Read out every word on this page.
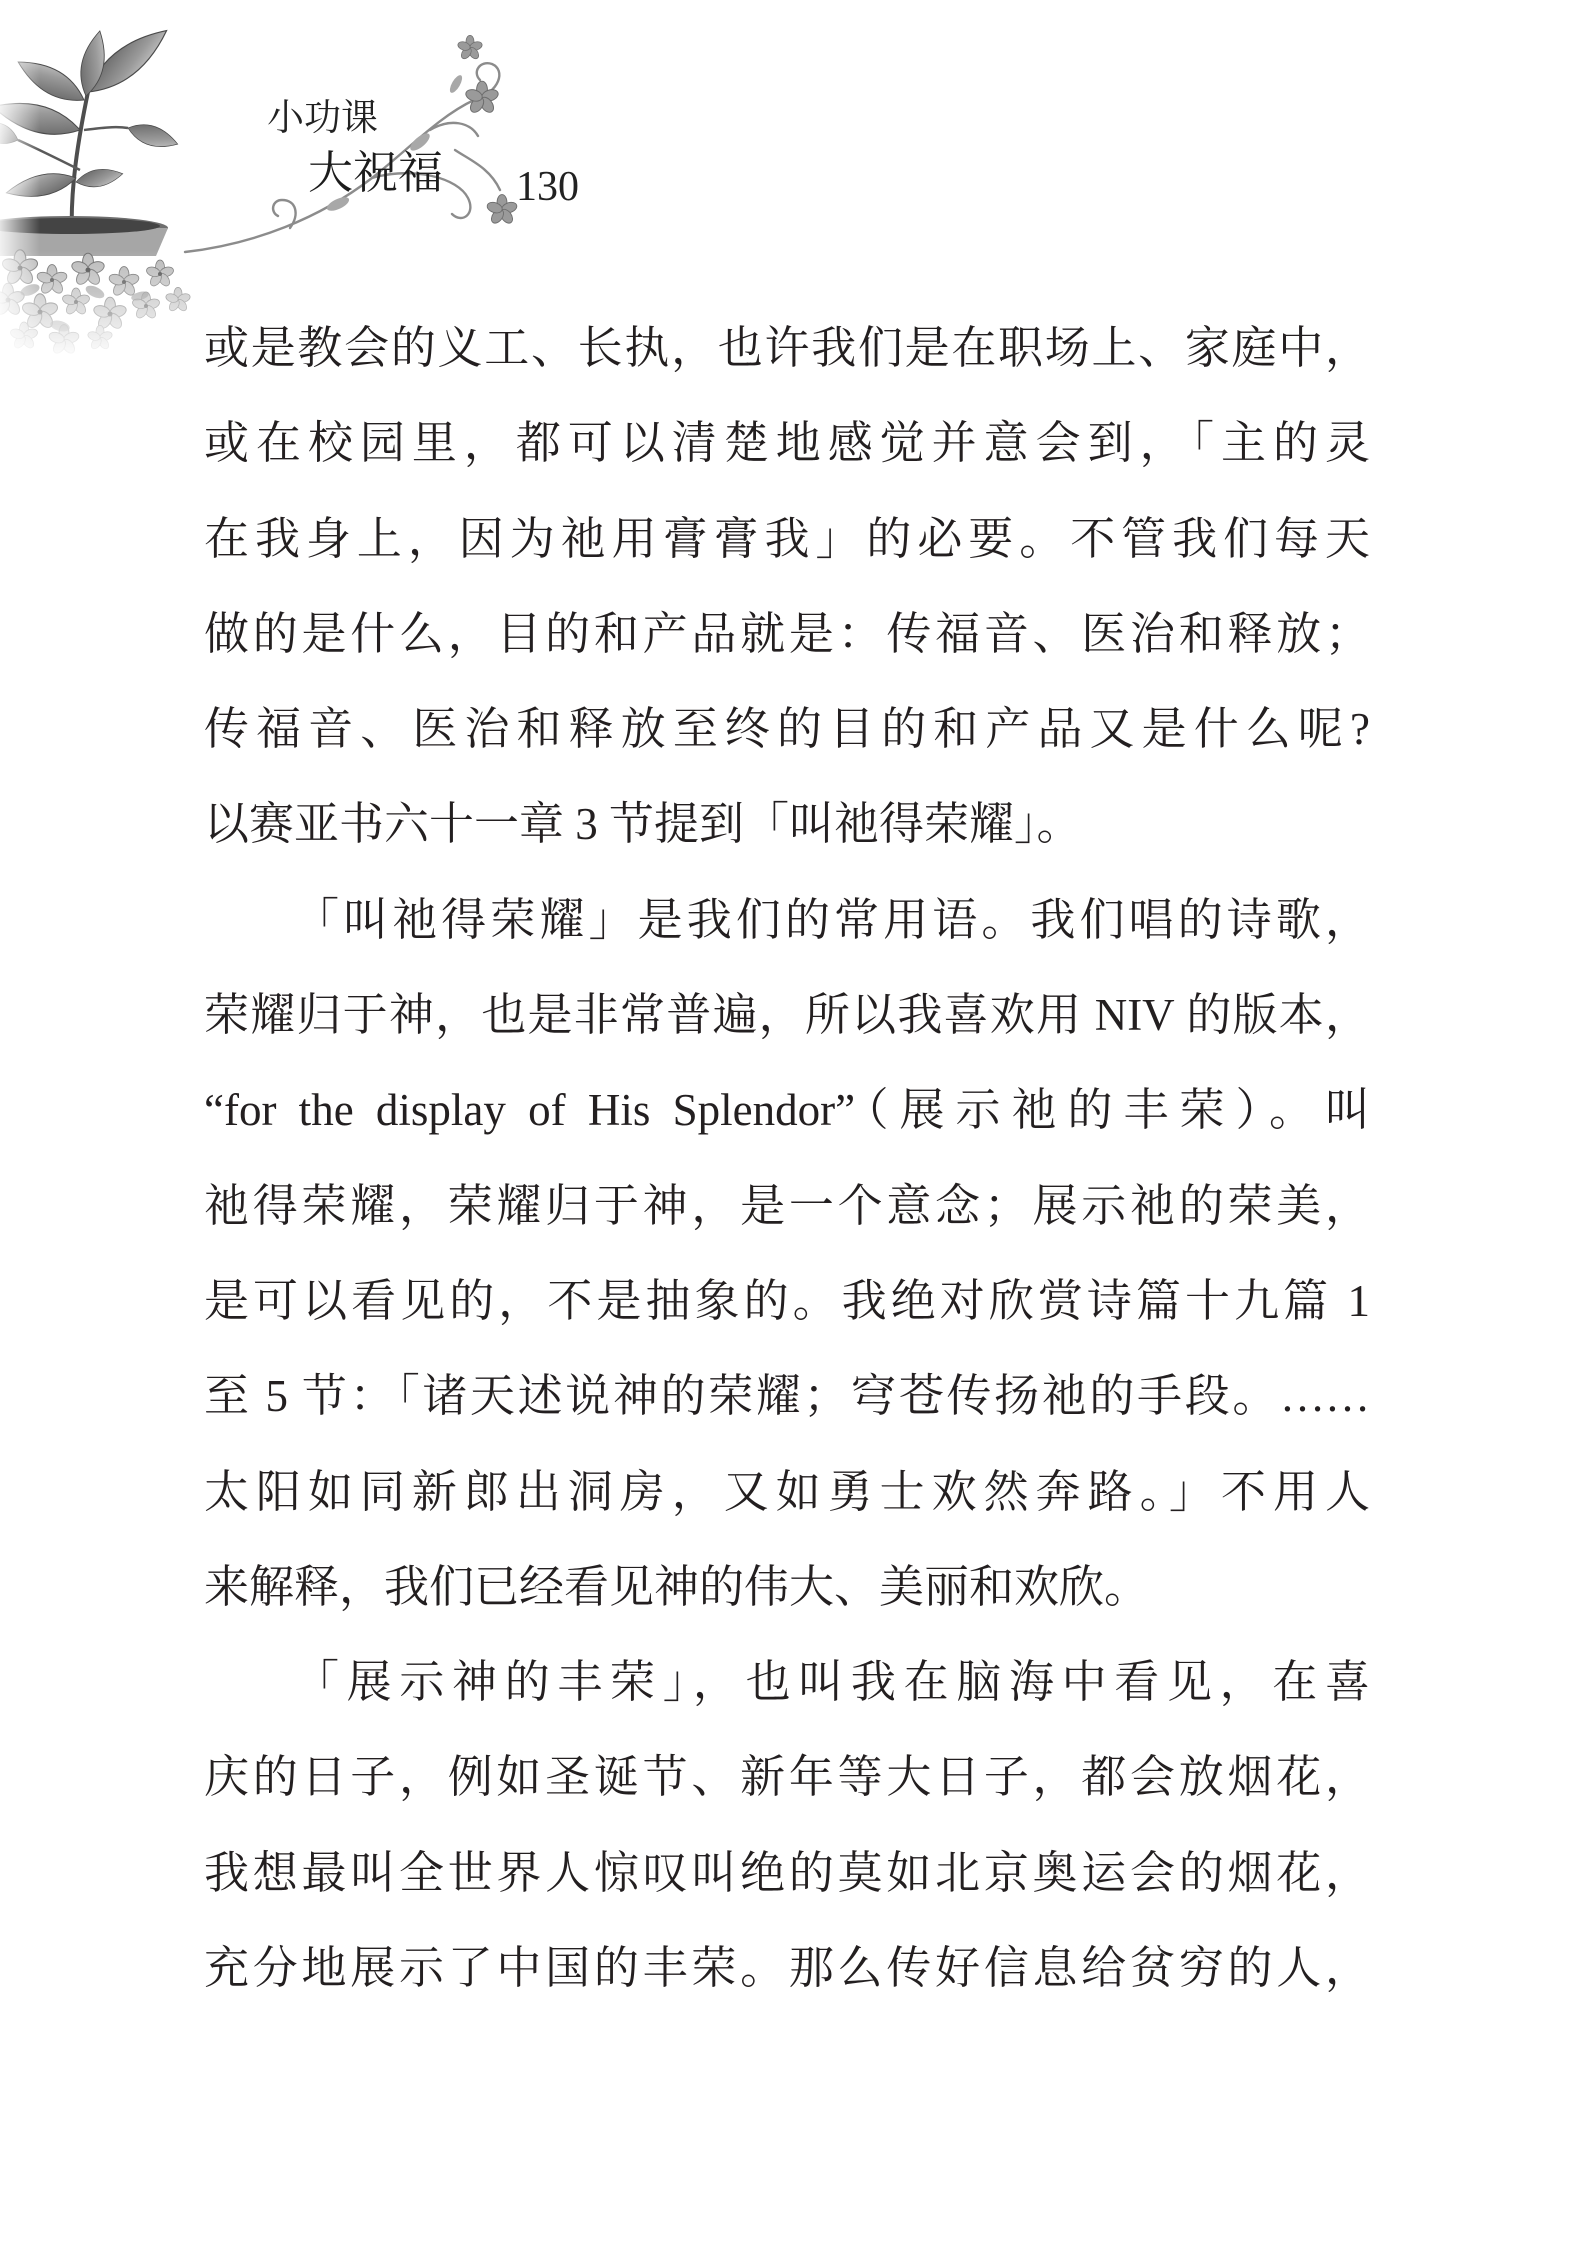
小功课
大祝福 130
或是教会的义工、长执，也许我们是在职场上、家庭中，
或在校园里，都可以清楚地感觉并意会到，「主的灵
在我身上，因为祂用膏膏我」的必要。不管我们每天
做的是什么，目的和产品就是：传福音、医治和释放；
传福音、医治和释放至终的目的和产品又是什么呢?
以赛亚书六十一章 3 节提到「叫祂得荣耀」。
「叫祂得荣耀」是我们的常用语。我们唱的诗歌，
荣耀归于神，也是非常普遍，所以我喜欢用 NIV 的版本，
“for the display of His Splendor”（展示祂的丰荣）。叫
祂得荣耀，荣耀归于神，是一个意念；展示祂的荣美，
是可以看见的，不是抽象的。我绝对欣赏诗篇十九篇 1
至 5 节：「诸天述说神的荣耀；穹苍传扬祂的手段。……
太阳如同新郎出洞房，又如勇士欢然奔路。」不用人
来解释，我们已经看见神的伟大、美丽和欢欣。
「展示神的丰荣」，也叫我在脑海中看见，在喜
庆的日子，例如圣诞节、新年等大日子，都会放烟花，
我想最叫全世界人惊叹叫绝的莫如北京奥运会的烟花，
充分地展示了中国的丰荣。那么传好信息给贫穷的人，
